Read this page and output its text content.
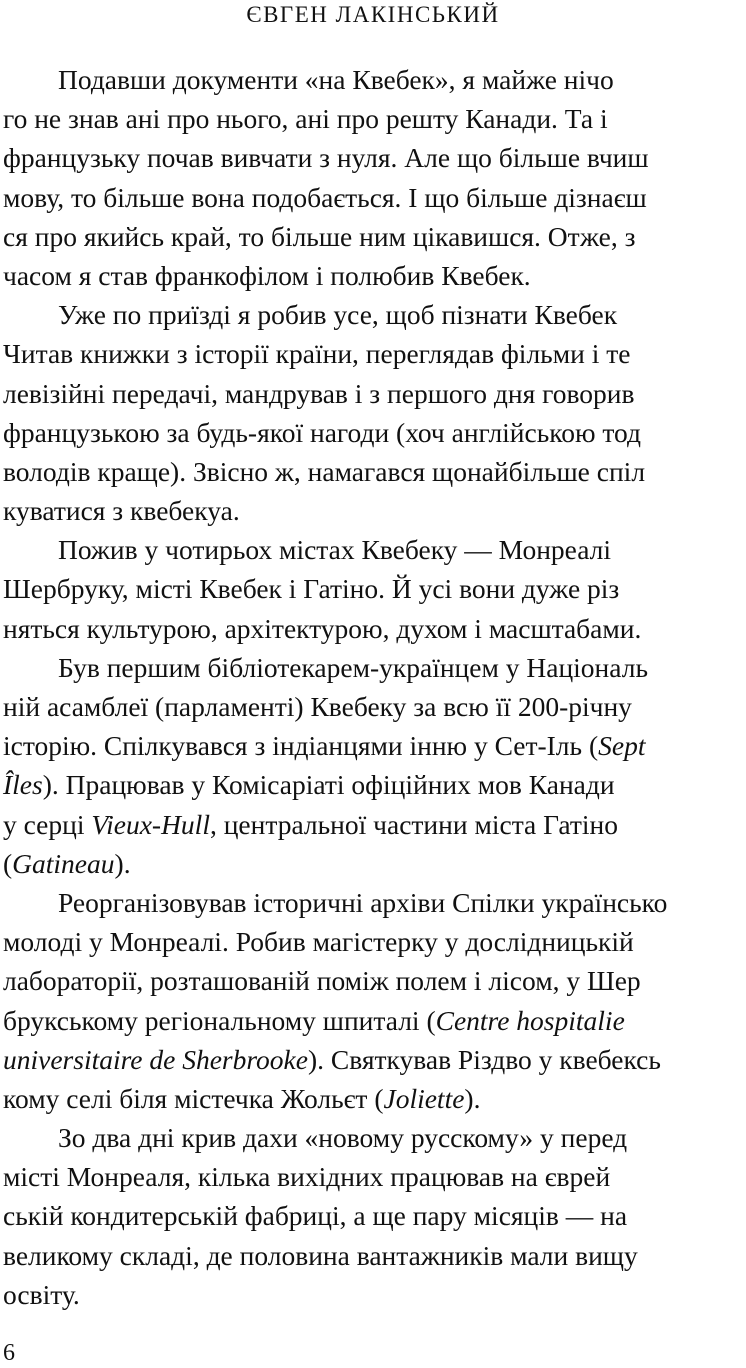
ЄВГЕН ЛАКІНСЬКИЙ
Подавши документи «на Квебек», я майже нічо
го не знав ані про нього, ані про решту Канади. Та і
французьку почав вивчати з нуля. Але що більше вчиш
мову, то більше вона подобається. І що більше дізнаєш
ся про якийсь край, то більше ним цікавишся. Отже, з
часом я став франкофілом і полюбив Квебек.
Уже по приїзді я робив усе, щоб пізнати Квебек
Читав книжки з історії країни, переглядав фільми і те
левізійні передачі, мандрував і з першого дня говорив
французькою за будь-якої нагоди (хоч англійською тод
володів краще). Звісно ж, намагався щонайбільше спіл
куватися з квебекуа.
Пожив у чотирьох містах Квебеку — Монреалі
Шербруку, місті Квебек і Гатіно. Й усі вони дуже різ
няться культурою, архітектурою, духом і масштабами.
Був першим бібліотекарем-українцем у Національ
ній асамблеї (парламенті) Квебеку за всю її 200-річну
історію. Спілкувався з індіанцями інню у Сет-Іль (Sept
Îles). Працював у Комісаріаті офіційних мов Канади
у серці Vieux-Hull, центральної частини міста Гатіно
(Gatineau).
Реорганізовував історичні архіви Спілки українсько
молоді у Монреалі. Робив магістерку у дослідницькій
лабораторії, розташованій поміж полем і лісом, у Шер
брукському регіональному шпиталі (Centre hospitalie
universitaire de Sherbrooke). Святкував Різдво у квебексь
кому селі біля містечка Жольєт (Joliette).
Зо два дні крив дахи «новому русскому» у перед
місті Монреаля, кілька вихідних працював на єврей
ській кондитерській фабриці, а ще пару місяців — на
великому складі, де половина вантажників мали вищу
освіту.
6
